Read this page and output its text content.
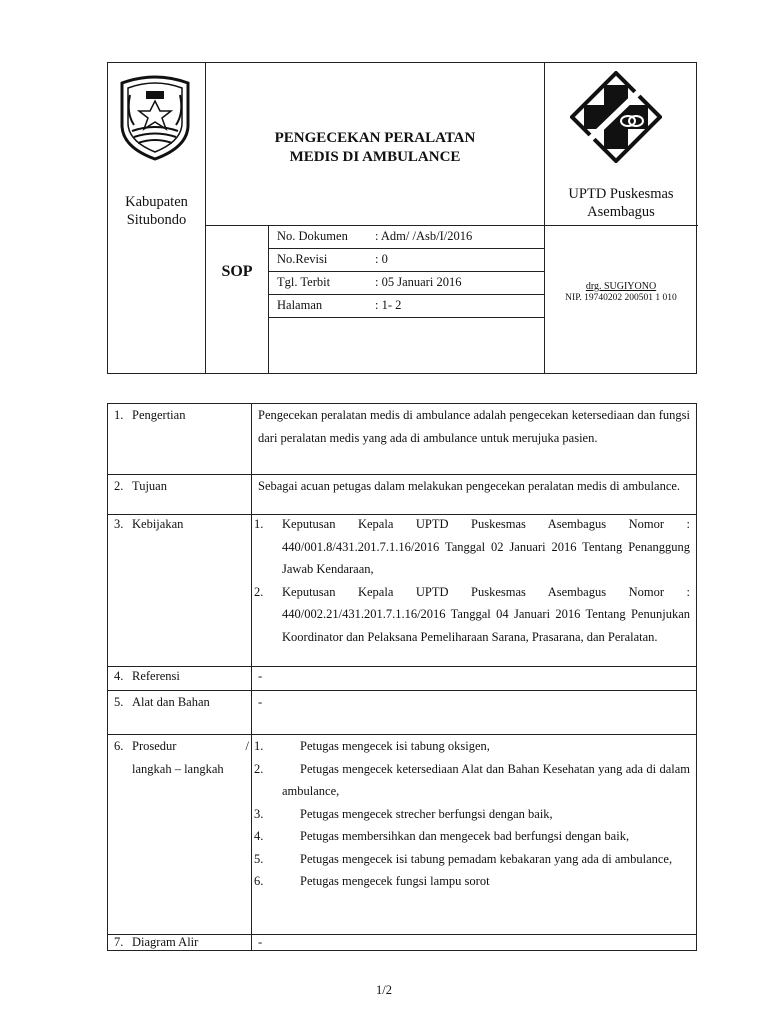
Kabupaten
Situbondo
PENGECEKAN PERALATAN
MEDIS DI AMBULANCE
UPTD Puskesmas
Asembagus
SOP
No. Dokumen	: Adm/ /Asb/I/2016
No.Revisi	: 0
Tgl. Terbit	: 05 Januari 2016
Halaman	: 1- 2
drg. SUGIYONO
NIP. 19740202 200501 1 010
1. Pengertian	Pengecekan peralatan medis di ambulance adalah pengecekan ketersediaan dan fungsi dari peralatan medis yang ada di ambulance untuk merujuka pasien.
2. Tujuan	Sebagai acuan petugas dalam melakukan pengecekan peralatan medis di ambulance.
3. Kebijakan	1. Keputusan Kepala UPTD Puskesmas Asembagus Nomor : 440/001.8/431.201.7.1.16/2016 Tanggal 02 Januari 2016 Tentang Penanggung Jawab Kendaraan,
2. Keputusan Kepala UPTD Puskesmas Asembagus Nomor : 440/002.21/431.201.7.1.16/2016 Tanggal 04 Januari 2016 Tentang Penunjukan Koordinator dan Pelaksana Pemeliharaan Sarana, Prasarana, dan Peralatan.
4. Referensi	-
5. Alat dan Bahan	-
6. Prosedur	/
langkah – langkah
1.	Petugas mengecek isi tabung oksigen,
2.	Petugas mengecek ketersediaan Alat dan Bahan Kesehatan yang ada di dalam ambulance,
3.	Petugas mengecek strecher berfungsi dengan baik,
4.	Petugas membersihkan dan mengecek bad berfungsi dengan baik,
5.	Petugas mengecek isi tabung pemadam kebakaran yang ada di ambulance,
6.	Petugas mengecek fungsi lampu sorot
7. Diagram Alir	-
1/2
